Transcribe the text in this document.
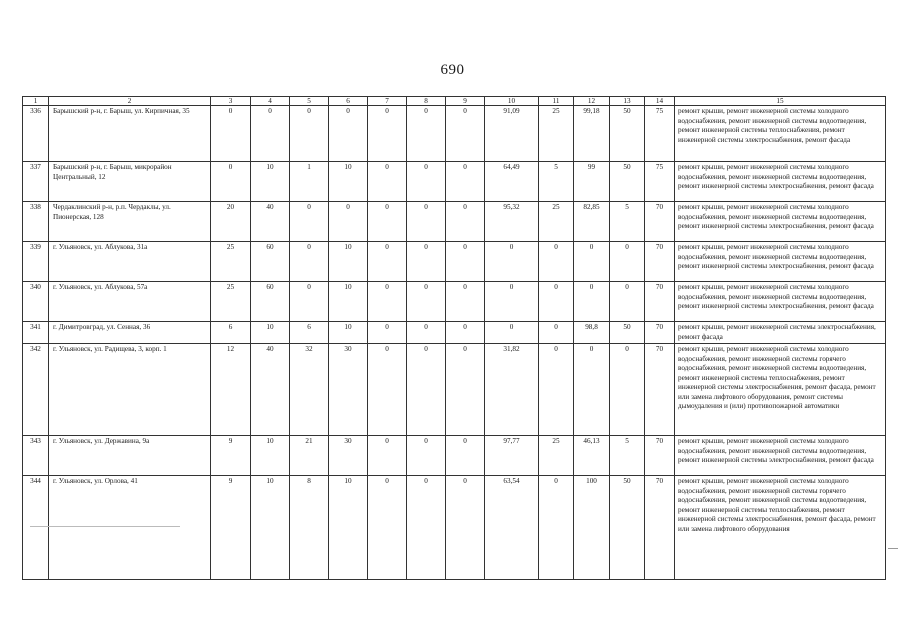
690
1	2	3	4	5	6	7	8	9	10	11	12	13	14	15
336	Барышский р-н, г. Барыш, ул. Кирпичная, 35	0	0	0	0	0	0	0	91,09	25	99,18	50	75	ремонт крыши, ремонт инженерной системы холодного водоснабжения, ремонт инженерной системы водоотведения, ремонт инженерной системы теплоснабжения, ремонт инженерной системы электроснабжения, ремонт фасада
337	Барышский р-н, г. Барыш, микрорайон Центральный, 12	0	10	1	10	0	0	0	64,49	5	99	50	75	ремонт крыши, ремонт инженерной системы холодного водоснабжения, ремонт инженерной системы водоотведения, ремонт инженерной системы электроснабжения, ремонт фасада
338	Чердаклинский р-н, р.п. Чердаклы, ул. Пионерская, 128	20	40	0	0	0	0	0	95,32	25	82,85	5	70	ремонт крыши, ремонт инженерной системы холодного водоснабжения, ремонт инженерной системы водоотведения, ремонт инженерной системы электроснабжения, ремонт фасада
339	г. Ульяновск, ул. Аблукова, 31а	25	60	0	10	0	0	0	0	0	0	0	70	ремонт крыши, ремонт инженерной системы холодного водоснабжения, ремонт инженерной системы водоотведения, ремонт инженерной системы электроснабжения, ремонт фасада
340	г. Ульяновск, ул. Аблукова, 57а	25	60	0	10	0	0	0	0	0	0	0	70	ремонт крыши, ремонт инженерной системы холодного водоснабжения, ремонт инженерной системы водоотведения, ремонт инженерной системы электроснабжения, ремонт фасада
341	г. Димитровград, ул. Сенная, 36	6	10	6	10	0	0	0	0	0	98,8	50	70	ремонт крыши, ремонт инженерной системы электроснабжения, ремонт фасада
342	г. Ульяновск, ул. Радищева, 3, корп. 1	12	40	32	30	0	0	0	31,82	0	0	0	70	ремонт крыши, ремонт инженерной системы холодного водоснабжения, ремонт инженерной системы горячего водоснабжения, ремонт инженерной системы водоотведения, ремонт инженерной системы теплоснабжения, ремонт инженерной системы электроснабжения, ремонт фасада, ремонт или замена лифтового оборудования, ремонт системы дымоудаления и (или) противопожарной автоматики
343	г. Ульяновск, ул. Державина, 9а	9	10	21	30	0	0	0	97,77	25	46,13	5	70	ремонт крыши, ремонт инженерной системы холодного водоснабжения, ремонт инженерной системы водоотведения, ремонт инженерной системы электроснабжения, ремонт фасада
344	г. Ульяновск, ул. Орлова, 41	9	10	8	10	0	0	0	63,54	0	100	50	70	ремонт крыши, ремонт инженерной системы холодного водоснабжения, ремонт инженерной системы горячего водоснабжения, ремонт инженерной системы водоотведения, ремонт инженерной системы теплоснабжения, ремонт инженерной системы электроснабжения, ремонт фасада, ремонт или замена лифтового оборудования
